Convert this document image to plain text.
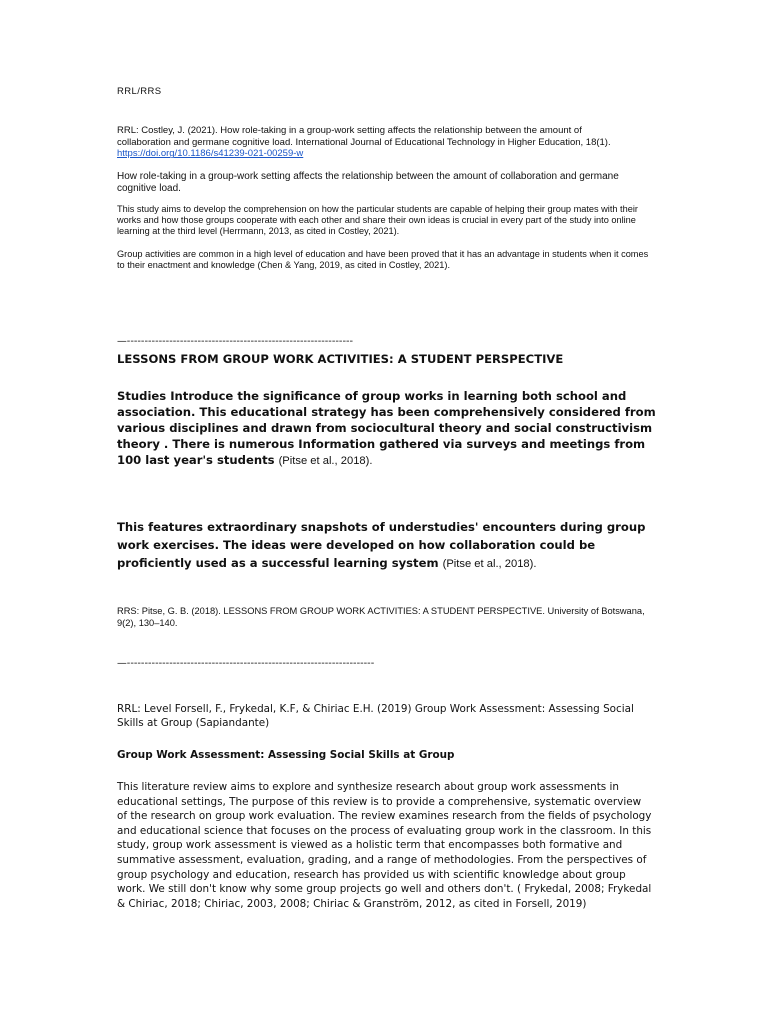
RRL/RRS

RRL: Costley, J. (2021). How role-taking in a group-work setting affects the relationship between the amount of collaboration and germane cognitive load. International Journal of Educational Technology in Higher Education, 18(1). https://doi.org/10.1186/s41239-021-00259-w

How role-taking in a group-work setting affects the relationship between the amount of collaboration and germane cognitive load.

This study aims to develop the comprehension on how the particular students are capable of helping their group mates with their works and how those groups cooperate with each other and share their own ideas is crucial in every part of the study into online learning at the third level (Herrmann, 2013, as cited in Costley, 2021).

Group activities are common in a high level of education and have been proved that it has an advantage in students when it comes to their enactment and knowledge (Chen & Yang, 2019, as cited in Costley, 2021).

—----------------------------------------------------------------

LESSONS FROM GROUP WORK ACTIVITIES: A STUDENT PERSPECTIVE

Studies Introduce the significance of group works in learning both school and association. This educational strategy has been comprehensively considered from various disciplines and drawn from sociocultural theory and social constructivism theory . There is numerous Information gathered via surveys and meetings from 100 last year's students (Pitse et al., 2018).

This features extraordinary snapshots of understudies' encounters during group work exercises. The ideas were developed on how collaboration could be proficiently used as a successful learning system (Pitse et al., 2018).

RRS: Pitse, G. B. (2018). LESSONS FROM GROUP WORK ACTIVITIES: A STUDENT PERSPECTIVE. University of Botswana, 9(2), 130–140.

—----------------------------------------------------------------------

RRL: Level Forsell, F., Frykedal, K.F, & Chiriac E.H. (2019) Group Work Assessment: Assessing Social Skills at Group (Sapiandante)

Group Work Assessment: Assessing Social Skills at Group

This literature review aims to explore and synthesize research about group work assessments in educational settings, The purpose of this review is to provide a comprehensive, systematic overview of the research on group work evaluation. The review examines research from the fields of psychology and educational science that focuses on the process of evaluating group work in the classroom. In this study, group work assessment is viewed as a holistic term that encompasses both formative and summative assessment, evaluation, grading, and a range of methodologies. From the perspectives of group psychology and education, research has provided us with scientific knowledge about group work. We still don't know why some group projects go well and others don't. ( Frykedal, 2008; Frykedal & Chiriac, 2018; Chiriac, 2003, 2008; Chiriac & Granström, 2012, as cited in Forsell, 2019)
